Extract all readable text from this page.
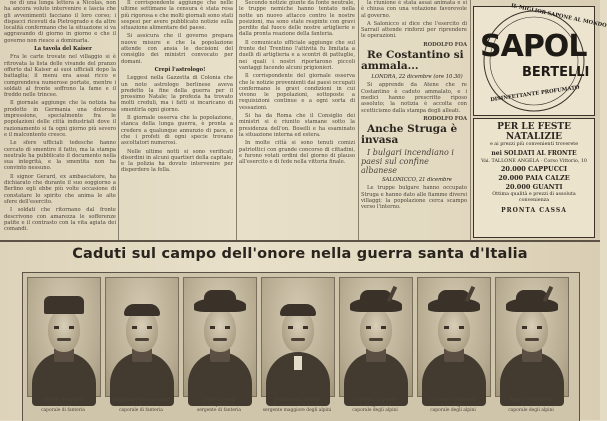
ne di una lunga lettera a Nicolas, non ha ancora voluto intervenire e lascia che gli avvenimenti facciano il loro corso; i dispacci ricevuti da Pietrogrado e da altre località confermano che la situazione si va aggravando di giorno in giorno e che il governo non riesce a dominarla.

La tavola del Kaiser

Fra le carte trovate nel villaggio si è ritrovata la lista delle vivande del pranzo offerto dal Kaiser ai suoi ufficiali dopo la battaglia; il menu era assai ricco e comprendeva numerose portate, mentre i soldati al fronte soffrono la fame e il freddo nelle trincee.

Il giornale aggiunge che la notizia ha prodotto in Germania una dolorosa impressione, specialmente fra le popolazioni delle città industriali dove il razionamento si fa ogni giorno più severo e il malcontento cresce.

Le sfere ufficiali tedesche hanno cercato di smentire il fatto, ma la stampa neutrale ha pubblicato il documento nella sua integrità, e la smentita non ha convinto nessuno.

Il signor Gerard, ex ambasciatore, ha dichiarato che durante il suo soggiorno a Berlino egli ebbe più volte occasione di constatare lo spirito che anima le alte sfere dell'esercito.

I soldati che ritornano dal fronte descrivono con amarezza le sofferenze patite e il contrasto con la vita agiata dei comandi.

Il corrispondente aggiunge che nelle ultime settimane la censura è stata resa più rigorosa e che molti giornali sono stati sospesi per avere pubblicato notizie sulla situazione alimentare del paese.

Si assicura che il governo prepara nuove misure e che la popolazione attende con ansia le decisioni del consiglio dei ministri convocato per domani.

Crepi l'astrologo!

Leggesi nella Gazzetta di Colonia che un noto astrologo berlinese aveva predetto la fine della guerra per il prossimo Natale; la profezia ha trovato molti creduli, ma i fatti si incaricano di smentirla ogni giorno.

Il giornale osserva che la popolazione, stanca della lunga guerra, è pronta a credere a qualunque annunzio di pace, e che i profeti di ogni specie trovano ascoltatori numerosi.

Nelle ultime notti si sono verificati disordini in alcuni quartieri della capitale, e la polizia ha dovuto intervenire per disperdere la folla.

Secondo notizie giunte da fonte neutrale, le truppe nemiche hanno tentato nella notte un nuovo attacco contro le nostre posizioni, ma sono state respinte con gravi perdite dal fuoco delle nostre artiglierie e dalla pronta reazione della fanteria.

Il comunicato ufficiale aggiunge che sul fronte del Trentino l'attività fu limitata a duelli di artiglieria e a scontri di pattuglie, nei quali i nostri riportarono piccoli vantaggi facendo alcuni prigionieri.

Il corrispondente del giornale osserva che le notizie provenienti dai paesi occupati confermano le gravi condizioni in cui vivono le popolazioni, sottoposte a requisizioni continue e a ogni sorta di vessazioni.

Si ha da Roma che il Consiglio dei ministri si è riunito stamane sotto la presidenza dell'on. Boselli e ha esaminato la situazione interna ed estera.

In molte città si sono tenuti comizi patriottici con grande concorso di cittadini, e furono votati ordini del giorno di plauso all'esercito e di fede nella vittoria finale.

la riunione è stata assai animata e si è chiusa con una votazione favorevole al governo.

A Salonicco si dice che l'esercito di Sarrail attende rinforzi per riprendere le operazioni.

RODOLFO FOA

Re Costantino si ammala...

LONDRA, 22 dicembre (ore 10.30)

Si apprende da Atene che re Costantino è caduto ammalato, e i medici hanno prescritto riposo assoluto; la notizia è accolta con scetticismo dalla stampa degli alleati.

RODOLFO FOA

Anche Struga è invasa

I bulgari incendiano i paesi sul confine albanese

SALONICCO, 21 dicembre

Le truppe bulgare hanno occupato Struga e hanno dato alle fiamme diversi villaggi; la popolazione cerca scampo verso l'interno.

IL MIGLIOR SAPONE AL MONDO
SAPOL
BERTELLI
DISINFETTANTE PROFUMATO
PER LE FESTE NATALIZIE
e ai prezzi più convenienti troverete
nei SOLDATI AL FRONTE
Vai. TALLONE ANGELA · Corso Vittorio, 10
20.000 CAPPUCCI
20.000 PAIA CALZE
20.000 GUANTI
Ottima qualità e prezzi di assoluta convenienza
PRONTA CASSA
Caduti sul campo dell'onore nella guerra santa d'Italia
Alfredo Zambiasi
di Moro
caporale di fanteria
Guglielmo Bongiovanni
di Pavullo
caporale di fanteria
Luigi Gazzola
di Carpenedolo
sergente di fanteria
Ferdinando Gratta
di Sesto San Giovanni
sergente maggiore degli alpini
Federico Capurro
di Borgo Sesia
caporale degli alpini
Giacomo Bertolatti
di Codogno
caporale degli alpini
Angelo Martinelli
di Trento
caporale degli alpini
